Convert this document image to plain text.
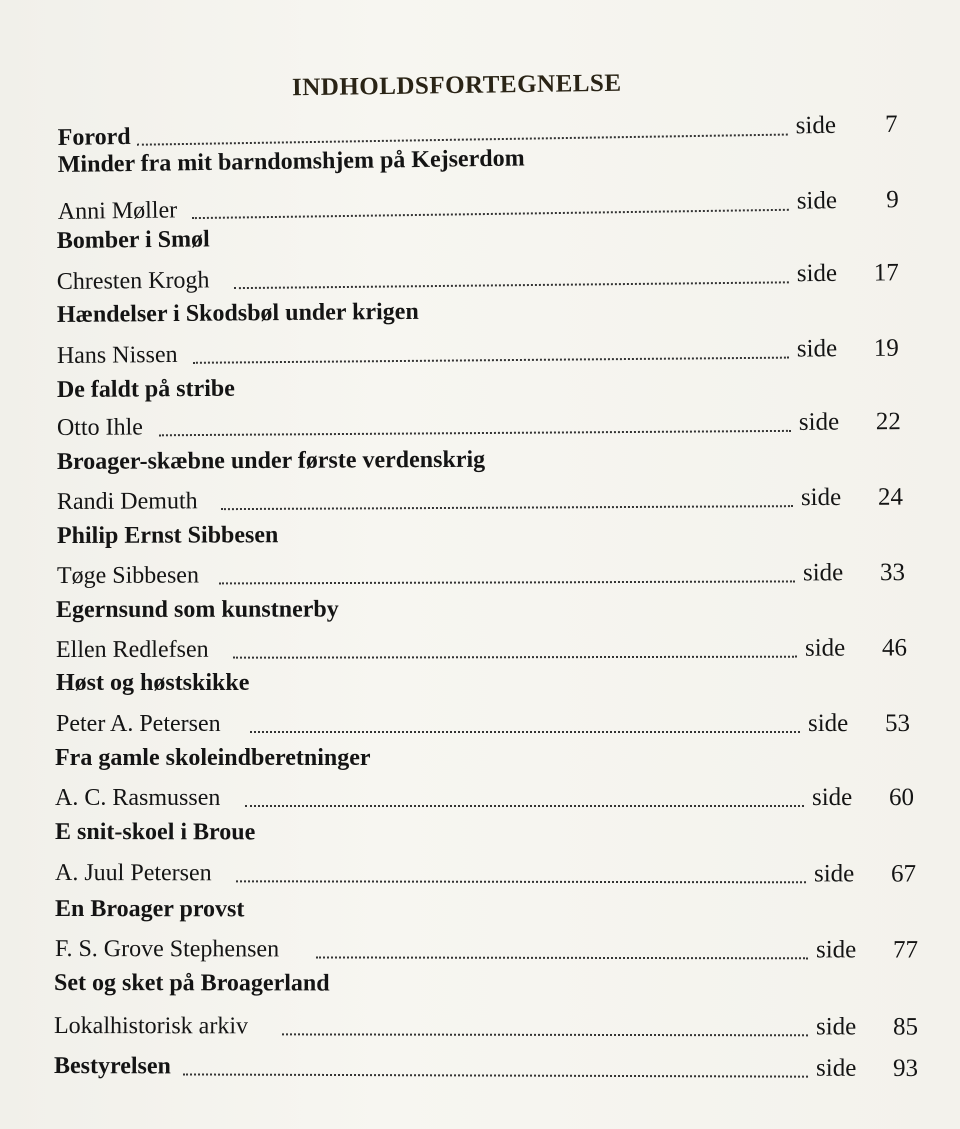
INDHOLDSFORTEGNELSE
Forord	side 7
Minder fra mit barndomshjem på Kejserdom
Anni Møller	side 9
Bomber i Smøl
Chresten Krogh	side 17
Hændelser i Skodsbøl under krigen
Hans Nissen	side 19
De faldt på stribe
Otto Ihle	side 22
Broager-skæbne under første verdenskrig
Randi Demuth	side 24
Philip Ernst Sibbesen
Tøge Sibbesen	side 33
Egernsund som kunstnerby
Ellen Redlefsen	side 46
Høst og høstskikke
Peter A. Petersen	side 53
Fra gamle skoleindberetninger
A. C. Rasmussen	side 60
E snit-skoel i Broue
A. Juul Petersen	side 67
En Broager provst
F. S. Grove Stephensen	side 77
Set og sket på Broagerland
Lokalhistorisk arkiv	side 85
Bestyrelsen	side 93
